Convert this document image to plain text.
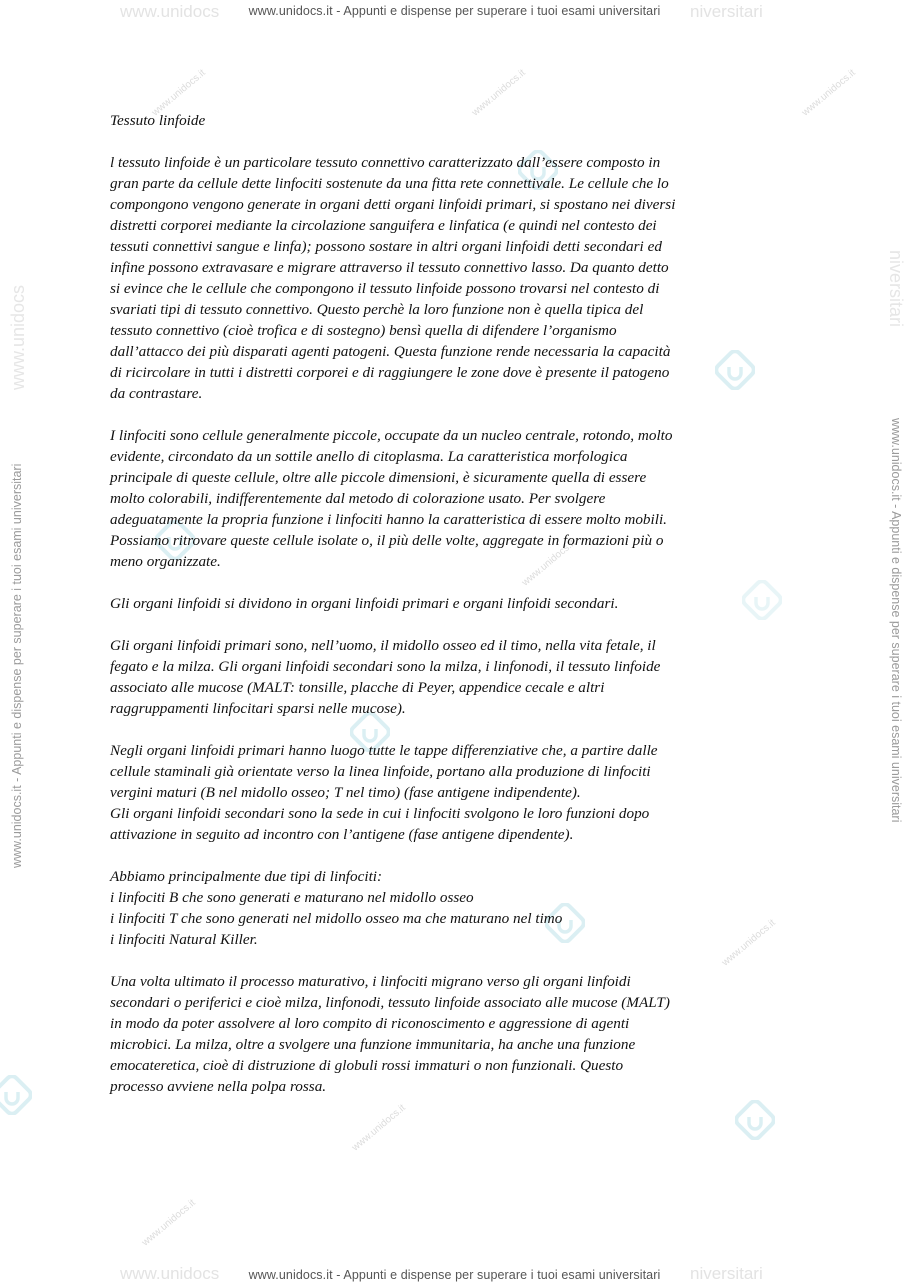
www.unidocs	niversitari
www.unidocs	niversitari
www.unidocs.it - Appunti e dispense per superare i tuoi esami universitari
www.unidocs.it - Appunti e dispense per superare i tuoi esami universitari
www.unidocs.it - Appunti e dispense per superare i tuoi esami universitari	www.unidocs.it - Appunti e dispense per superare i tuoi esami universitari
www.unidocs	niversitari
www.unidocs.it	www.unidocs.it	www.unidocs.it
www.unidocs.it
www.unidocs.it
www.unidocs.it
www.unidocs.it

Tessuto linfoide

l tessuto linfoide è un particolare tessuto connettivo caratterizzato dall’essere composto in
gran parte da cellule dette linfociti sostenute da una fitta rete connettivale. Le cellule che lo
compongono vengono generate in organi detti organi linfoidi primari, si spostano nei diversi
distretti corporei mediante la circolazione sanguifera e linfatica (e quindi nel contesto dei
tessuti connettivi sangue e linfa); possono sostare in altri organi linfoidi detti secondari ed
infine possono extravasare e migrare attraverso il tessuto connettivo lasso. Da quanto detto
si evince che le cellule che compongono il tessuto linfoide possono trovarsi nel contesto di
svariati tipi di tessuto connettivo. Questo perchè la loro funzione non è quella tipica del
tessuto connettivo (cioè trofica e di sostegno) bensì quella di difendere l’organismo
dall’attacco dei più disparati agenti patogeni. Questa funzione rende necessaria la capacità
di ricircolare in tutti i distretti corporei e di raggiungere le zone dove è presente il patogeno
da contrastare.

I linfociti sono cellule generalmente piccole, occupate da un nucleo centrale, rotondo, molto
evidente, circondato da un sottile anello di citoplasma. La caratteristica morfologica
principale di queste cellule, oltre alle piccole dimensioni, è sicuramente quella di essere
molto colorabili, indifferentemente dal metodo di colorazione usato. Per svolgere
adeguatamente la propria funzione i linfociti hanno la caratteristica di essere molto mobili.
Possiamo ritrovare queste cellule isolate o, il più delle volte, aggregate in formazioni più o
meno organizzate.

Gli organi linfoidi si dividono in organi linfoidi primari e organi linfoidi secondari.

Gli organi linfoidi primari sono, nell’uomo, il midollo osseo ed il timo, nella vita fetale, il
fegato e la milza. Gli organi linfoidi secondari sono la milza, i linfonodi, il tessuto linfoide
associato alle mucose (MALT: tonsille, placche di Peyer, appendice cecale e altri
raggruppamenti linfocitari sparsi nelle mucose).

Negli organi linfoidi primari hanno luogo tutte le tappe differenziative che, a partire dalle
cellule staminali già orientate verso la linea linfoide, portano alla produzione di linfociti
vergini maturi (B nel midollo osseo; T nel timo) (fase antigene indipendente).
Gli organi linfoidi secondari sono la sede in cui i linfociti svolgono le loro funzioni dopo
attivazione in seguito ad incontro con l’antigene (fase antigene dipendente).

Abbiamo principalmente due tipi di linfociti:
i linfociti B che sono generati e maturano nel midollo osseo
i linfociti T che sono generati nel midollo osseo ma che maturano nel timo
i linfociti Natural Killer.

Una volta ultimato il processo maturativo, i linfociti migrano verso gli organi linfoidi
secondari o periferici e cioè milza, linfonodi, tessuto linfoide associato alle mucose (MALT)
in modo da poter assolvere al loro compito di riconoscimento e aggressione di agenti
microbici. La milza, oltre a svolgere una funzione immunitaria, ha anche una funzione
emocateretica, cioè di distruzione di globuli rossi immaturi o non funzionali. Questo
processo avviene nella polpa rossa.
